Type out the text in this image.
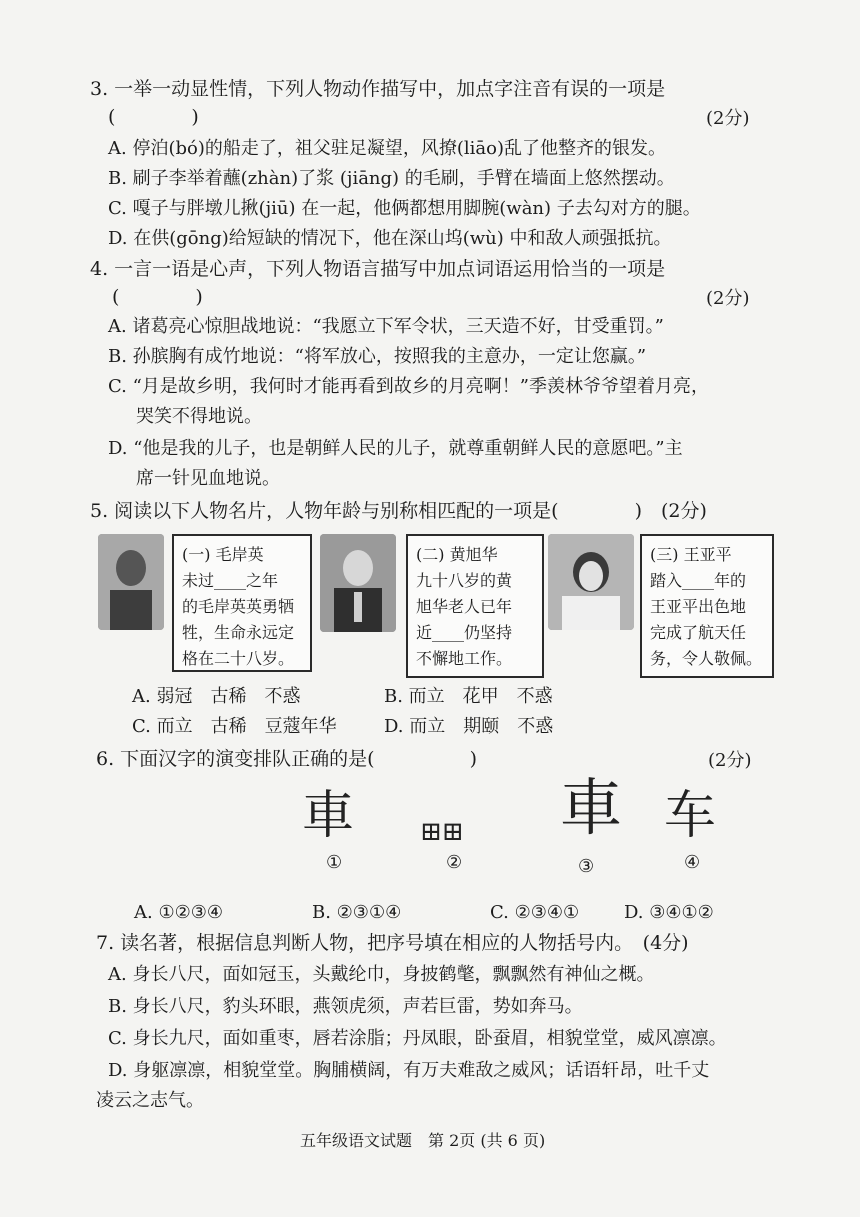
3. 一举一动显性情，下列人物动作描写中，加点字注音有误的一项是
(　　　　)	(2分)
A. 停泊(bó)的船走了，祖父驻足凝望，风撩(liāo)乱了他整齐的银发。
B. 刷子李举着蘸(zhàn)了浆 (jiāng) 的毛刷，手臂在墙面上悠然摆动。
C. 嘎子与胖墩儿揪(jiū) 在一起，他俩都想用脚腕(wàn) 子去勾对方的腿。
D. 在供(gōng)给短缺的情况下，他在深山坞(wù) 中和敌人顽强抵抗。
4. 一言一语是心声，下列人物语言描写中加点词语运用恰当的一项是
(　　　　)	(2分)
A. 诸葛亮心惊胆战地说：“我愿立下军令状，三天造不好，甘受重罚。”
B. 孙膑胸有成竹地说：“将军放心，按照我的主意办，一定让您赢。”
C. “月是故乡明，我何时才能再看到故乡的月亮啊！”季羡林爷爷望着月亮，
哭笑不得地说。
D. “他是我的儿子，也是朝鲜人民的儿子，就尊重朝鲜人民的意愿吧。”主
席一针见血地说。
5. 阅读以下人物名片，人物年龄与别称相匹配的一项是(　　　　)　(2分)
(一) 毛岸英
未过____之年
的毛岸英英勇牺
牲，生命永远定
格在二十八岁。
(二) 黄旭华
九十八岁的黄
旭华老人已年
近____仍坚持
不懈地工作。
(三) 王亚平
踏入____年的
王亚平出色地
完成了航天任
务，令人敬佩。
A. 弱冠　古稀　不惑	B. 而立　花甲　不惑
C. 而立　古稀　豆蔻年华	D. 而立　期颐　不惑
6. 下面汉字的演变排队正确的是(　　　　　)	(2分)
車	⊞⊞ 車 车
①	②	③	④
A. ①②③④	B. ②③①④	C. ②③④① D. ③④①②
7. 读名著，根据信息判断人物，把序号填在相应的人物括号内。　(4分)
A. 身长八尺，面如冠玉，头戴纶巾，身披鹤氅，飘飘然有神仙之概。
B. 身长八尺，豹头环眼，燕领虎须，声若巨雷，势如奔马。
C. 身长九尺，面如重枣，唇若涂脂；丹凤眼，卧蚕眉，相貌堂堂，威风凛凛。
D. 身躯凛凛，相貌堂堂。胸脯横阔，有万夫难敌之威风；话语轩昂，吐千丈
凌云之志气。
五年级语文试题　第 2页 (共 6 页)
